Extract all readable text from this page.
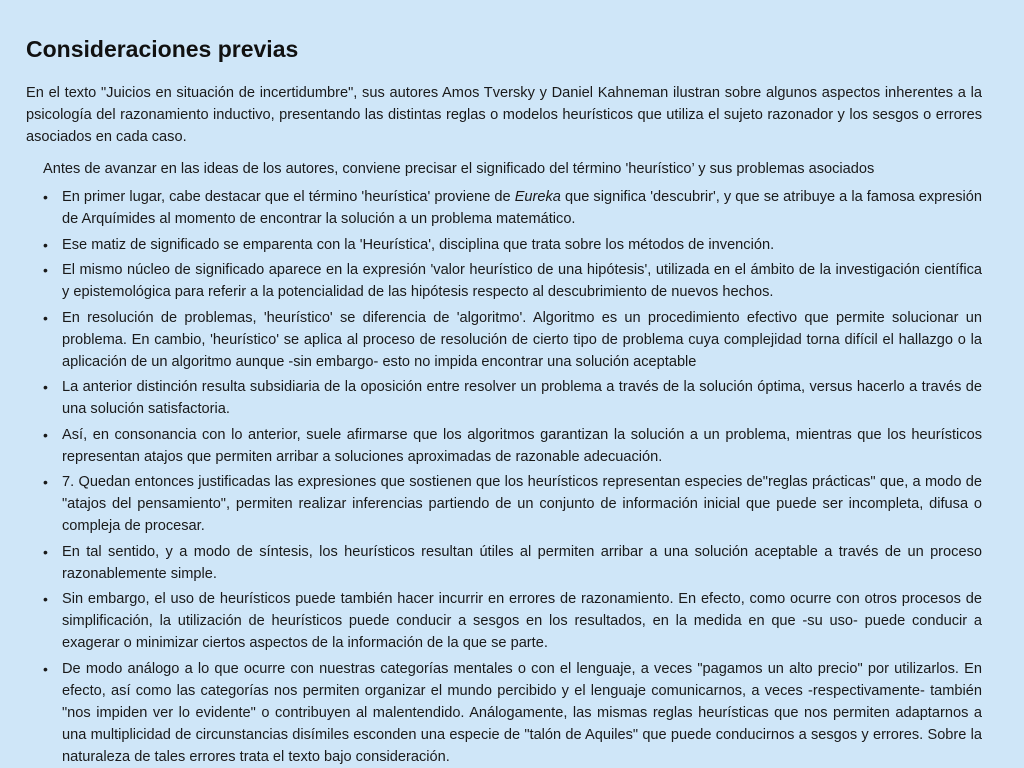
Consideraciones previas

En el texto "Juicios en situación de incertidumbre", sus autores Amos Tversky y Daniel Kahneman ilustran sobre algunos aspectos inherentes a la psicología del razonamiento inductivo, presentando las distintas reglas o modelos heurísticos que utiliza el sujeto razonador y los sesgos o errores asociados en cada caso.

Antes de avanzar en las ideas de los autores, conviene precisar el significado del término 'heurístico’ y sus problemas asociados

• En primer lugar, cabe destacar que el término 'heurística' proviene de Eureka que significa 'descubrir', y que se atribuye a la famosa expresión de Arquímides al momento de encontrar la solución a un problema matemático.
• Ese matiz de significado se emparenta con la 'Heurística', disciplina que trata sobre los métodos de invención.
• El mismo núcleo de significado aparece en la expresión 'valor heurístico de una hipótesis', utilizada en el ámbito de la investigación científica y epistemológica para referir a la potencialidad de las hipótesis respecto al descubrimiento de nuevos hechos.
• En resolución de problemas, 'heurístico' se diferencia de 'algoritmo'. Algoritmo es un procedimiento efectivo que permite solucionar un problema. En cambio, 'heurístico' se aplica al proceso de resolución de cierto tipo de problema cuya complejidad torna difícil el hallazgo o la aplicación de un algoritmo aunque -sin embargo- esto no impida encontrar una solución aceptable
• La anterior distinción resulta subsidiaria de la oposición entre resolver un problema a través de la solución óptima, versus hacerlo a través de una solución satisfactoria.
• Así, en consonancia con lo anterior, suele afirmarse que los algoritmos garantizan la solución a un problema, mientras que los heurísticos representan atajos que permiten arribar a soluciones aproximadas de razonable adecuación.
• 7. Quedan entonces justificadas las expresiones que sostienen que los heurísticos representan especies de"reglas prácticas" que, a modo de "atajos del pensamiento", permiten realizar inferencias partiendo de un conjunto de información inicial que puede ser incompleta, difusa o compleja de procesar.
• En tal sentido, y a modo de síntesis, los heurísticos resultan útiles al permiten arribar a una solución aceptable a través de un proceso razonablemente simple.
• Sin embargo, el uso de heurísticos puede también hacer incurrir en errores de razonamiento. En efecto, como ocurre con otros procesos de simplificación, la utilización de heurísticos puede conducir a sesgos en los resultados, en la medida en que -su uso- puede conducir a exagerar o minimizar ciertos aspectos de la información de la que se parte.
• De modo análogo a lo que ocurre con nuestras categorías mentales o con el lenguaje, a veces "pagamos un alto precio" por utilizarlos. En efecto, así como las categorías nos permiten organizar el mundo percibido y el lenguaje comunicarnos, a veces -respectivamente- también "nos impiden ver lo evidente" o contribuyen al malentendido. Análogamente, las mismas reglas heurísticas que nos permiten adaptarnos a una multiplicidad de circunstancias disímiles esconden una especie de "talón de Aquiles" que puede conducirnos a sesgos y errores. Sobre la naturaleza de tales errores trata el texto bajo consideración.
